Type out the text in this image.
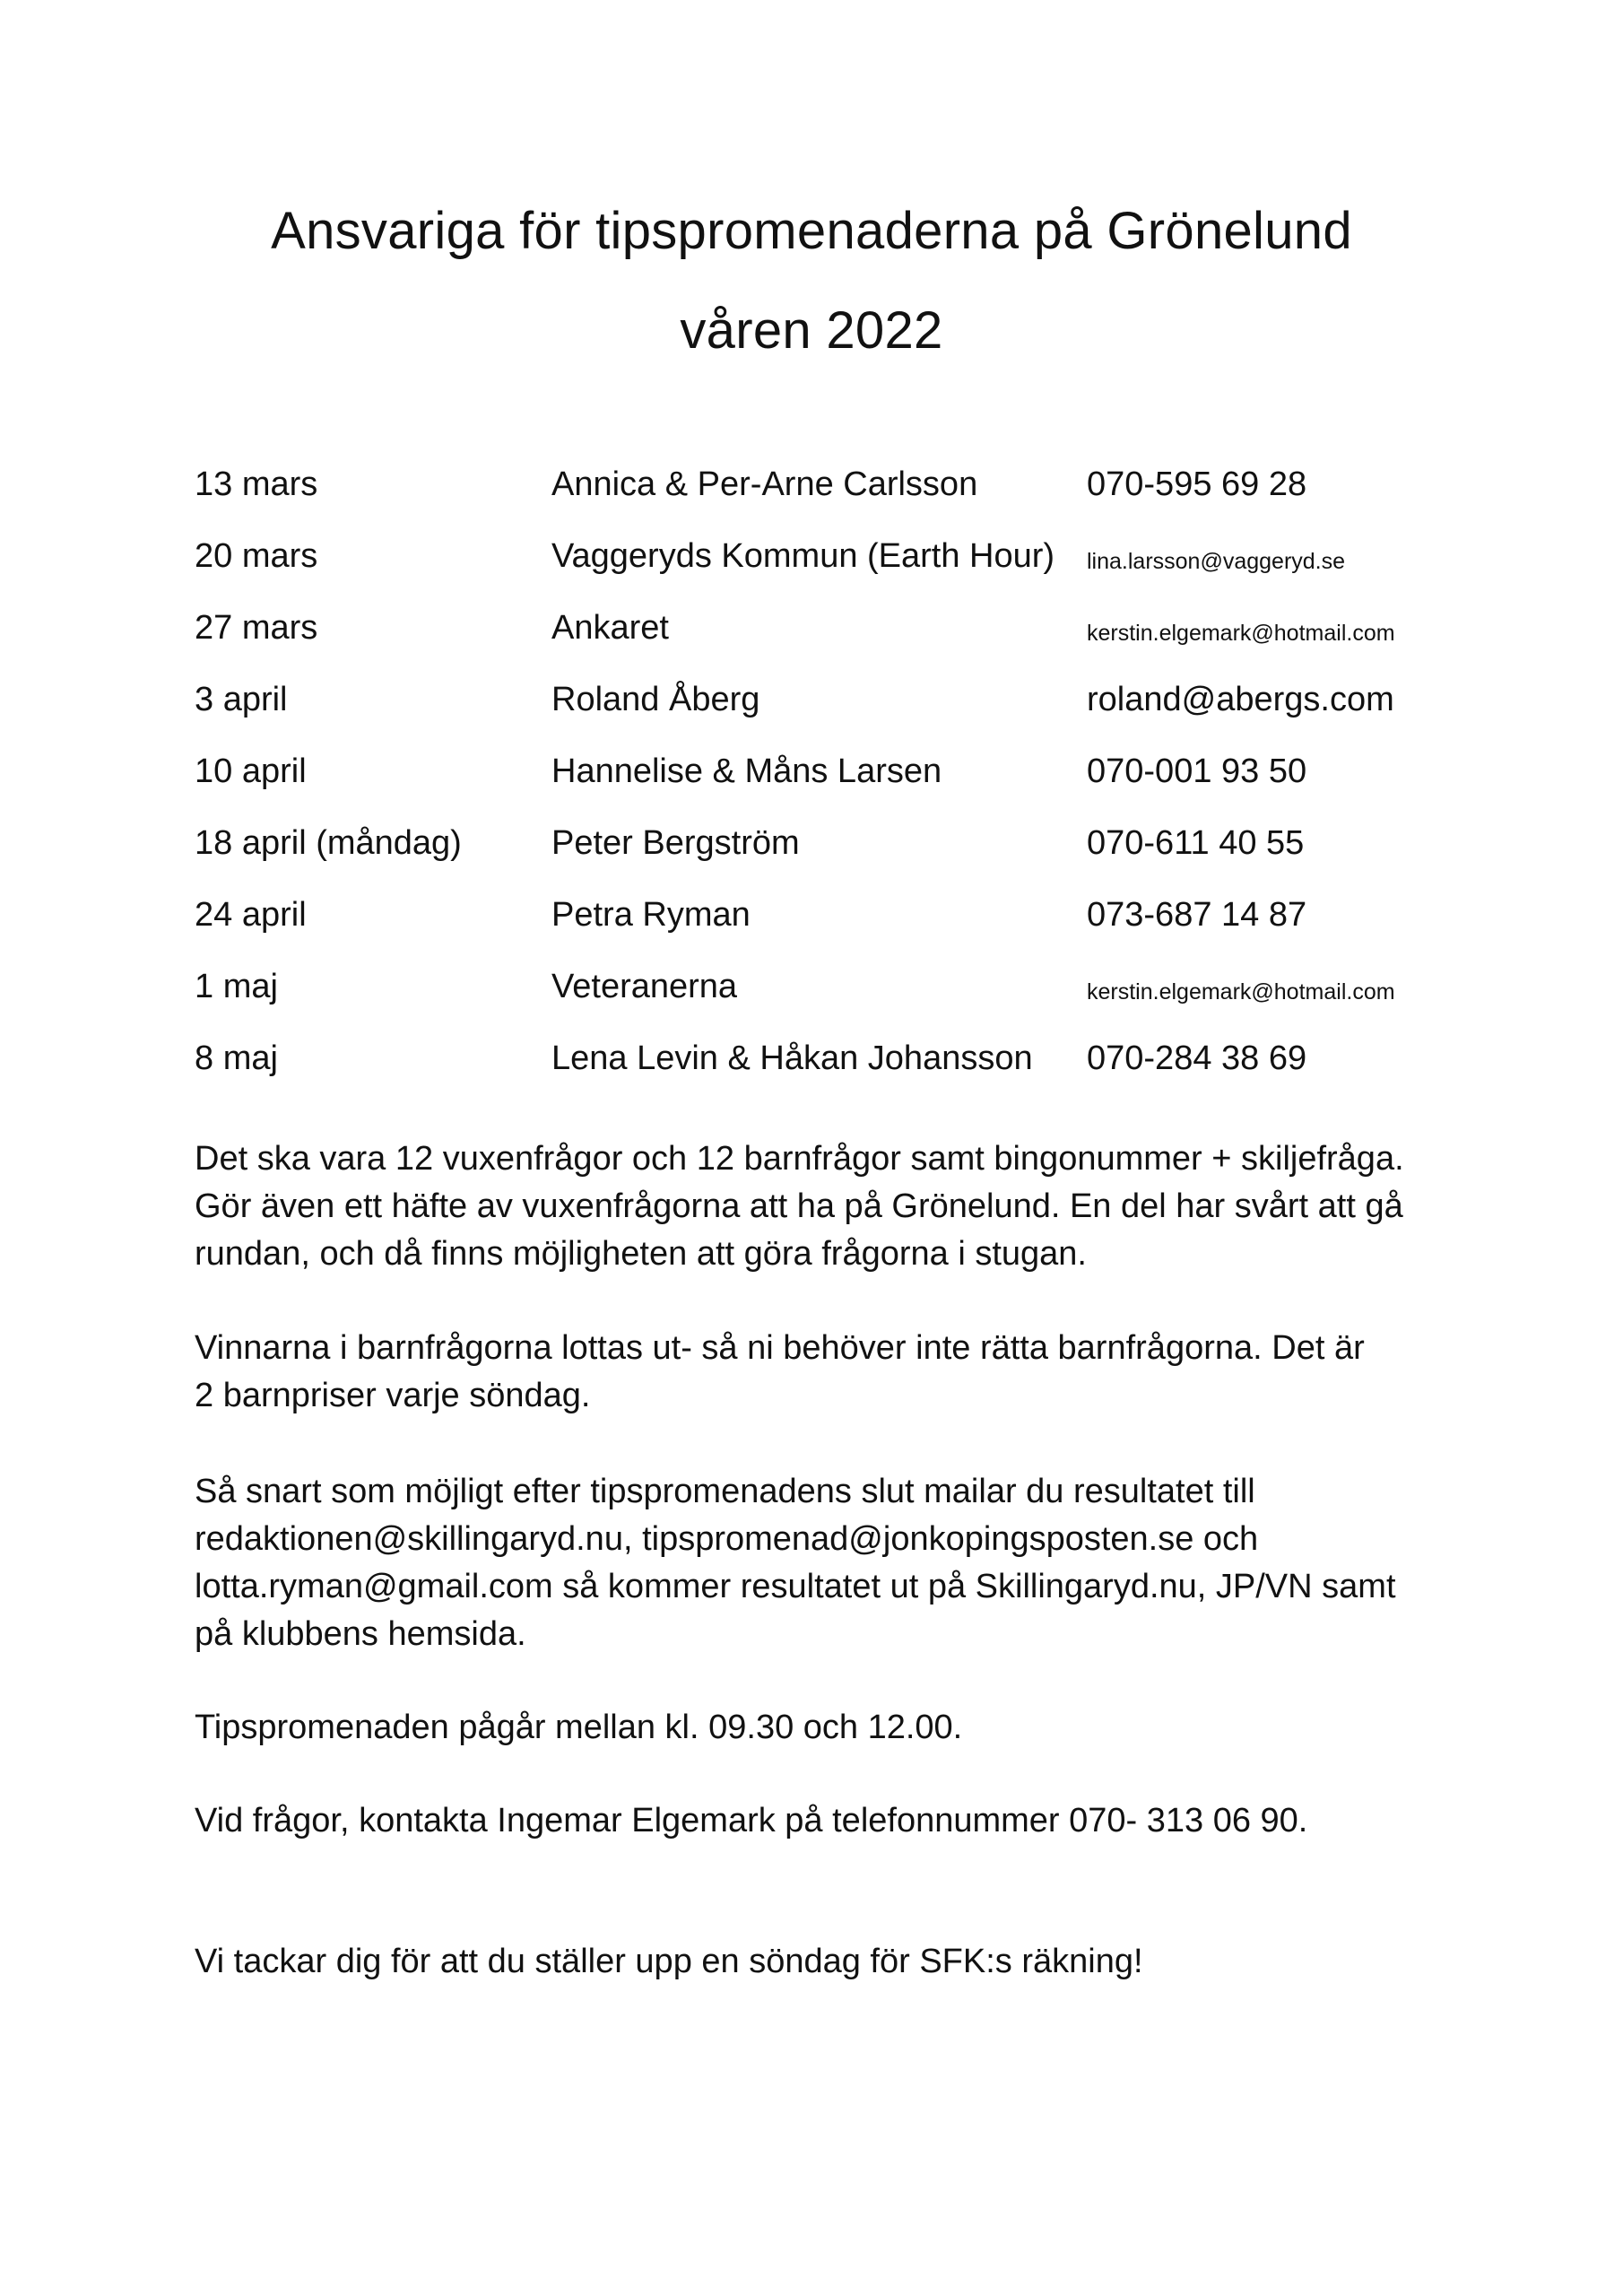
Ansvariga för tipspromenaderna på Grönelund
våren 2022
13 mars	Annica & Per-Arne Carlsson	070-595 69 28
20 mars	Vaggeryds Kommun (Earth Hour) lina.larsson@vaggeryd.se
27 mars	Ankaret	kerstin.elgemark@hotmail.com
3 april	Roland Åberg	roland@abergs.com
10 april	Hannelise & Måns Larsen	070-001 93 50
18 april (måndag)	Peter Bergström	070-611 40 55
24 april	Petra Ryman	073-687 14 87
1 maj	Veteranerna	kerstin.elgemark@hotmail.com
8 maj	Lena Levin & Håkan Johansson 070-284 38 69
Det ska vara 12 vuxenfrågor och 12 barnfrågor samt bingonummer + skiljefråga.
Gör även ett häfte av vuxenfrågorna att ha på Grönelund. En del har svårt att gå
rundan, och då finns möjligheten att göra frågorna i stugan.
Vinnarna i barnfrågorna lottas ut- så ni behöver inte rätta barnfrågorna. Det är
2 barnpriser varje söndag.
Så snart som möjligt efter tipspromenadens slut mailar du resultatet till
redaktionen@skillingaryd.nu, tipspromenad@jonkopingsposten.se och
lotta.ryman@gmail.com så kommer resultatet ut på Skillingaryd.nu, JP/VN samt
på klubbens hemsida.
Tipspromenaden pågår mellan kl. 09.30 och 12.00.
Vid frågor, kontakta Ingemar Elgemark på telefonnummer 070- 313 06 90.
Vi tackar dig för att du ställer upp en söndag för SFK:s räkning!
